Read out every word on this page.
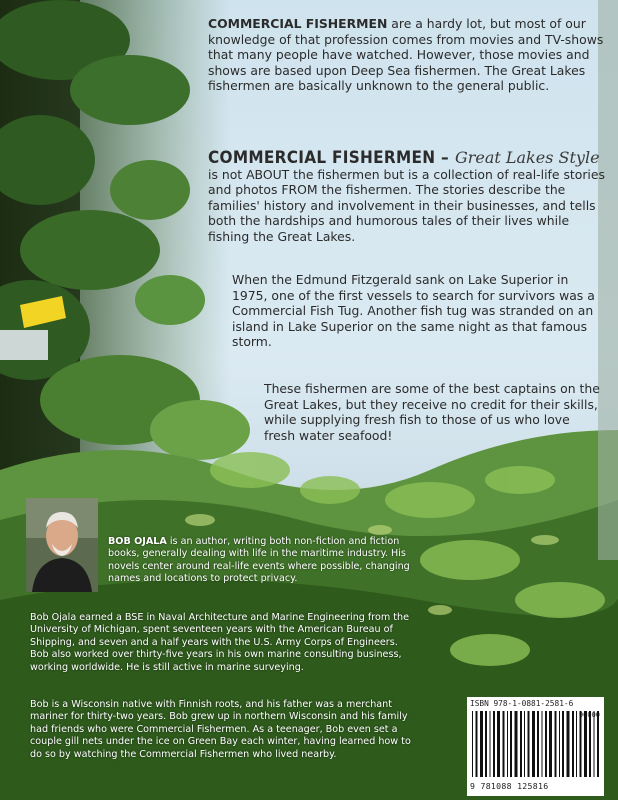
COMMERCIAL FISHERMEN are a hardy lot, but most of our knowledge of that profession comes from movies and TV-shows that many people have watched. However, those movies and shows are based upon Deep Sea fishermen. The Great Lakes fishermen are basically unknown to the general public.
COMMERCIAL FISHERMEN – Great Lakes Style
is not ABOUT the fishermen but is a collection of real-life stories and photos FROM the fishermen. The stories describe the families' history and involvement in their businesses, and tells both the hardships and humorous tales of their lives while fishing the Great Lakes.
When the Edmund Fitzgerald sank on Lake Superior in 1975, one of the first vessels to search for survivors was a Commercial Fish Tug. Another fish tug was stranded on an island in Lake Superior on the same night as that famous storm.
These fishermen are some of the best captains on the Great Lakes, but they receive no credit for their skills, while supplying fresh fish to those of us who love fresh water seafood!
BOB OJALA is an author, writing both non-fiction and fiction books, generally dealing with life in the maritime industry. His novels center around real-life events where possible, changing names and locations to protect privacy.
Bob Ojala earned a BSE in Naval Architecture and Marine Engineering from the University of Michigan, spent seventeen years with the American Bureau of Shipping, and seven and a half years with the U.S. Army Corps of Engineers. Bob also worked over thirty-five years in his own marine consulting business, working worldwide. He is still active in marine surveying.
Bob is a Wisconsin native with Finnish roots, and his father was a merchant mariner for thirty-two years. Bob grew up in northern Wisconsin and his family had friends who were Commercial Fishermen. As a teenager, Bob even set a couple gill nets under the ice on Green Bay each winter, having learned how to do so by watching the Commercial Fishermen who lived nearby.
ISBN 978-1-0881-2581-6
9 781088 125816
